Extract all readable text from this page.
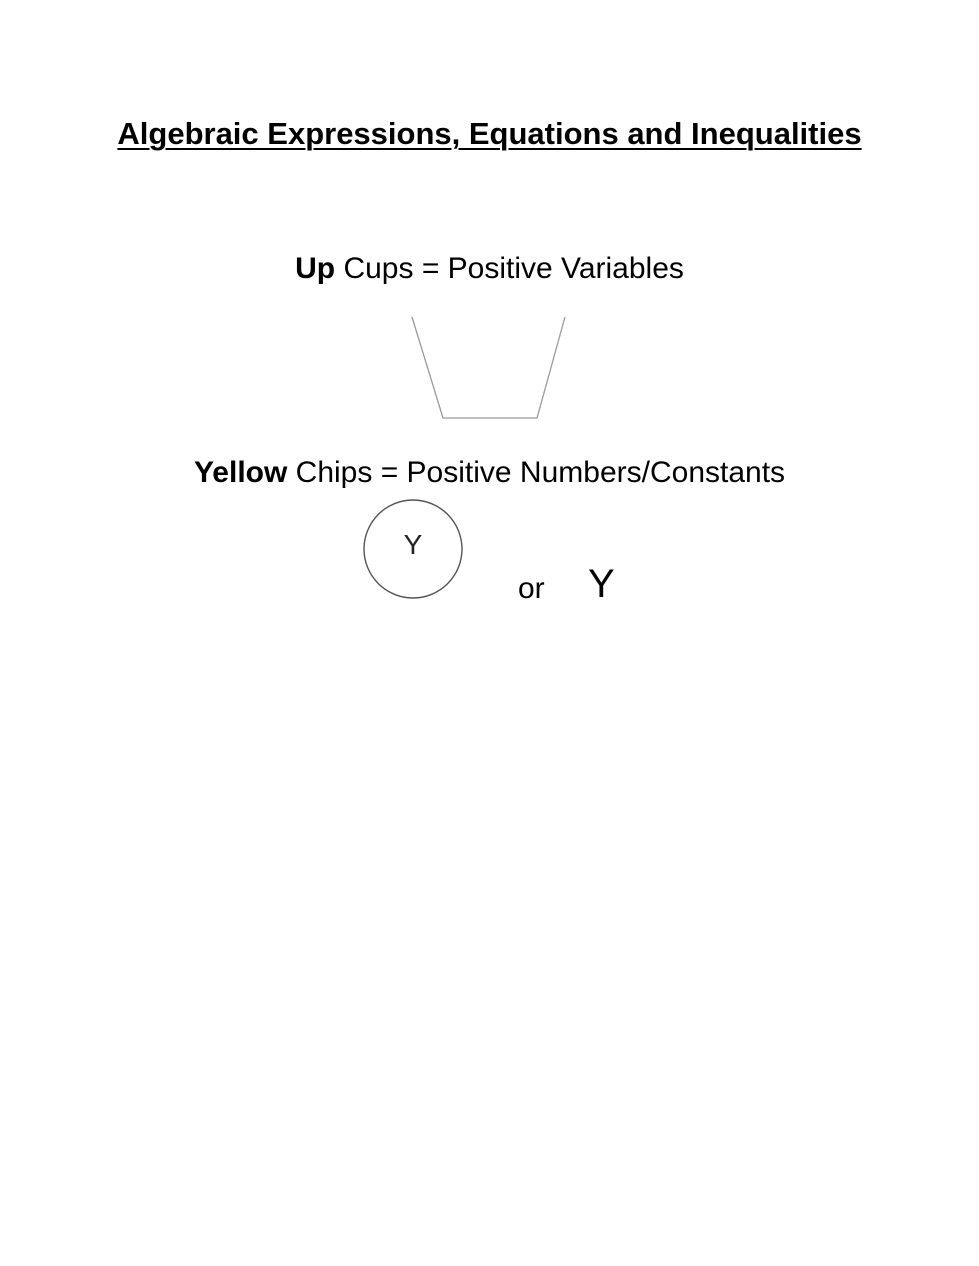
Algebraic Expressions, Equations and Inequalities
Up Cups = Positive Variables
Yellow Chips = Positive Numbers/Constants
Y
or Y
